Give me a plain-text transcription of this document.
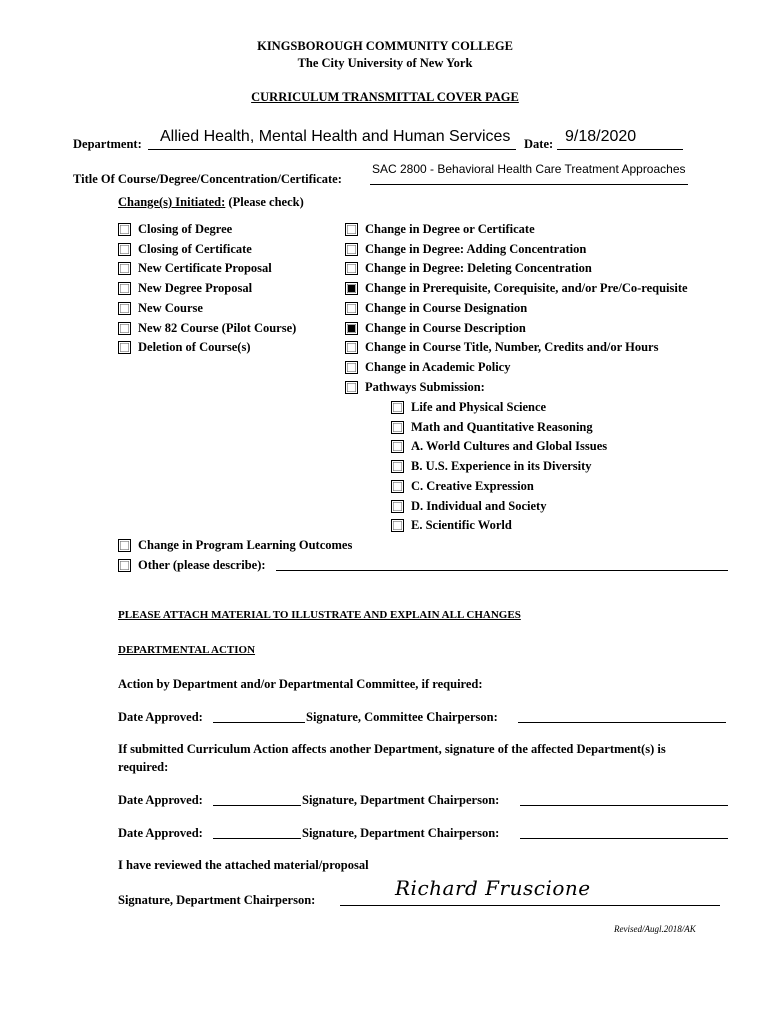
KINGSBOROUGH COMMUNITY COLLEGE
The City University of New York
CURRICULUM TRANSMITTAL COVER PAGE
Department: Allied Health, Mental Health and Human Services Date: 9/18/2020
Title Of Course/Degree/Concentration/Certificate:
SAC 2800 - Behavioral Health Care Treatment Approaches
Change(s) Initiated: (Please check)
Closing of Degree
Closing of Certificate
New Certificate Proposal
New Degree Proposal
New Course
New 82 Course (Pilot Course)
Deletion of Course(s)
Change in Degree or Certificate
Change in Degree: Adding Concentration
Change in Degree: Deleting Concentration
Change in Prerequisite, Corequisite, and/or Pre/Co-requisite
Change in Course Designation
Change in Course Description
Change in Course Title, Number, Credits and/or Hours
Change in Academic Policy
Pathways Submission:
Life and Physical Science
Math and Quantitative Reasoning
A. World Cultures and Global Issues
B. U.S. Experience in its Diversity
C. Creative Expression
D. Individual and Society
E. Scientific World
Change in Program Learning Outcomes
Other (please describe):
PLEASE ATTACH MATERIAL TO ILLUSTRATE AND EXPLAIN ALL CHANGES
DEPARTMENTAL ACTION
Action by Department and/or Departmental Committee, if required:
Date Approved:	Signature, Committee Chairperson:
If submitted Curriculum Action affects another Department, signature of the affected Department(s) is
required:
Date Approved:	Signature, Department Chairperson:
Date Approved:	Signature, Department Chairperson:
I have reviewed the attached material/proposal
Signature, Department Chairperson:	Richard Fruscione
Revised/Augl.2018/AK
